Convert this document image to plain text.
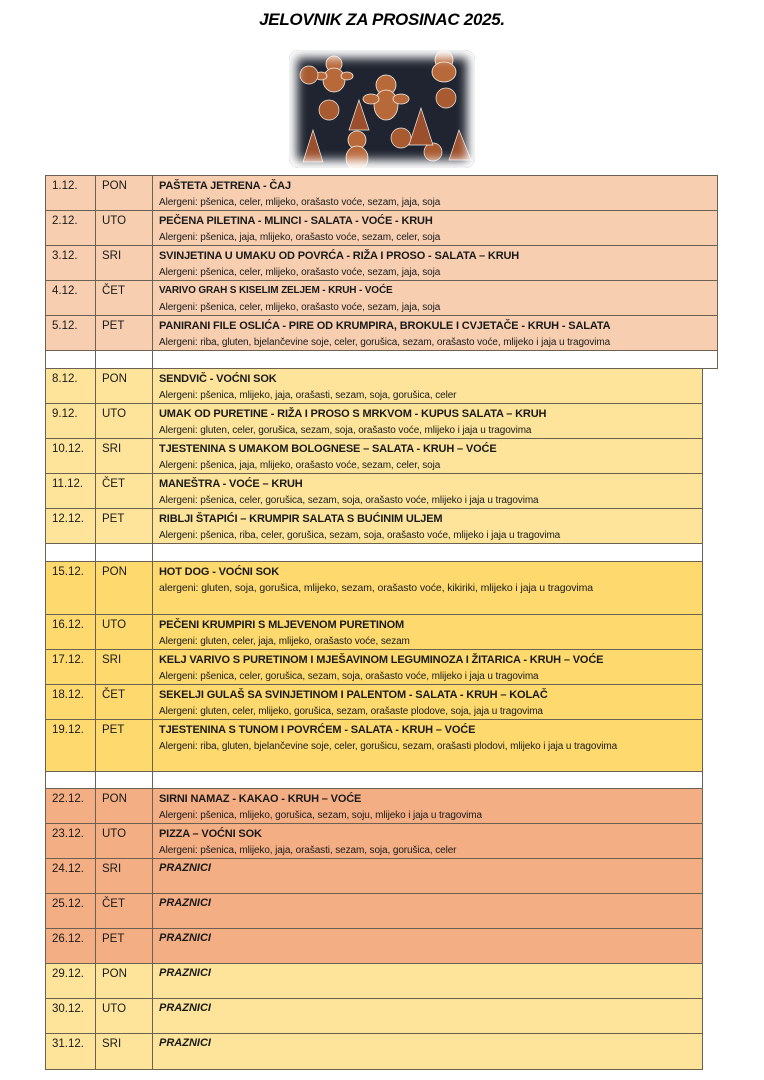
JELOVNIK ZA PROSINAC 2025.
1.12.	PON	PAŠTETA JETRENA - ČAJ
Alergeni: pšenica, celer, mlijeko, orašasto voće, sezam, jaja, soja

2.12.	UTO	PEČENA PILETINA - MLINCI - SALATA - VOĆE - KRUH
Alergeni: pšenica, jaja, mlijeko, orašasto voće, sezam, celer, soja

3.12.	SRI	SVINJETINA U UMAKU OD POVRĆA - RIŽA I PROSO - SALATA – KRUH
Alergeni: pšenica, celer, mlijeko, orašasto voće, sezam, jaja, soja

4.12.	ČET	VARIVO GRAH S KISELIM ZELJEM - KRUH - VOĆE
Alergeni: pšenica, celer, mlijeko, orašasto voće, sezam, jaja, soja

5.12.	PET	PANIRANI FILE OSLIĆA - PIRE OD KRUMPIRA, BROKULE I CVJETAČE - KRUH - SALATA
Alergeni: riba, gluten, bjelančevine soje, celer, gorušica, sezam, orašasto voće, mlijeko i jaja u tragovima

8.12.	PON	SENDVIČ - VOĆNI SOK
Alergeni: pšenica, mlijeko, jaja, orašasti, sezam, soja, gorušica, celer

9.12.	UTO	UMAK OD PURETINE - RIŽA I PROSO S MRKVOM - KUPUS SALATA – KRUH
Alergeni: gluten, celer, gorušica, sezam, soja, orašasto voće, mlijeko i jaja u tragovima

10.12.	SRI	TJESTENINA S UMAKOM BOLOGNESE – SALATA - KRUH – VOĆE
Alergeni: pšenica, jaja, mlijeko, orašasto voće, sezam, celer, soja

11.12.	ČET	MANEŠTRA - VOĆE – KRUH
Alergeni: pšenica, celer, gorušica, sezam, soja, orašasto voće, mlijeko i jaja u tragovima

12.12.	PET	RIBLJI ŠTAPIĆI – KRUMPIR SALATA S BUĆINIM ULJEM
Alergeni: pšenica, riba, celer, gorušica, sezam, soja, orašasto voće, mlijeko i jaja u tragovima

15.12.	PON	HOT DOG - VOĆNI SOK
alergeni: gluten, soja, gorušica, mlijeko, sezam, orašasto voće, kikiriki, mlijeko i jaja u tragovima

16.12.	UTO	PEČENI KRUMPIRI S MLJEVENOM PURETINOM
Alergeni: gluten, celer, jaja, mlijeko, orašasto voće, sezam

17.12.	SRI	KELJ VARIVO S PURETINOM I MJEŠAVINOM LEGUMINOZA I ŽITARICA - KRUH – VOĆE
Alergeni: pšenica, celer, gorušica, sezam, soja, orašasto voće, mlijeko i jaja u tragovima

18.12.	ČET	SEKELJI GULAŠ SA SVINJETINOM I PALENTOM - SALATA - KRUH – KOLAČ
Alergeni: gluten, celer, mlijeko, gorušica, sezam, orašaste plodove, soja, jaja u tragovima

19.12.	PET	TJESTENINA S TUNOM I POVRĆEM - SALATA - KRUH – VOĆE
Alergeni: riba, gluten, bjelančevine soje, celer, gorušicu, sezam, orašasti plodovi, mlijeko i jaja u tragovima

22.12.	PON	SIRNI NAMAZ - KAKAO - KRUH – VOĆE
Alergeni: pšenica, mlijeko, gorušica, sezam, soju, mlijeko i jaja u tragovima

23.12.	UTO	PIZZA – VOĆNI SOK
Alergeni: pšenica, mlijeko, jaja, orašasti, sezam, soja, gorušica, celer

24.12.	SRI	PRAZNICI

25.12.	ČET	PRAZNICI

26.12.	PET	PRAZNICI

29.12.	PON	PRAZNICI

30.12.	UTO	PRAZNICI

31.12.	SRI	PRAZNICI
